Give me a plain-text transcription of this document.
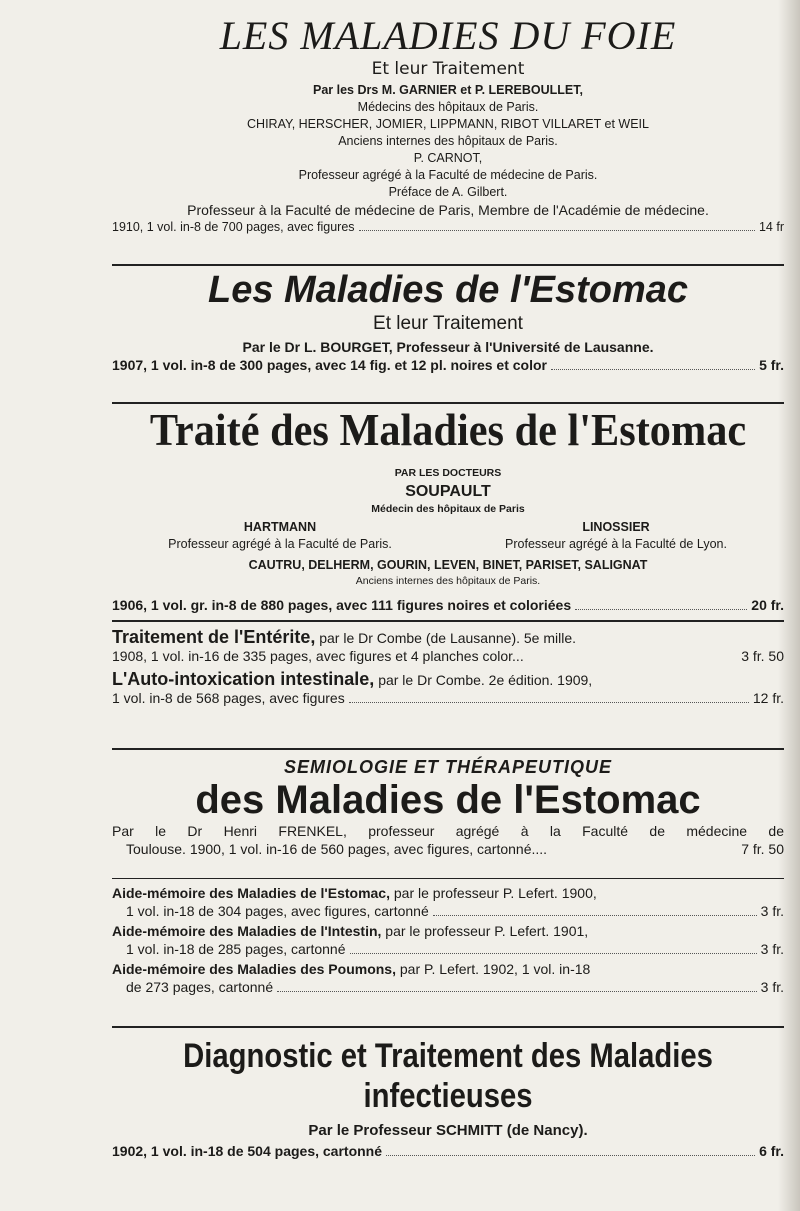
LES MALADIES DU FOIE
Et leur Traitement
Par les Drs M. GARNIER et P. LEREBOULLET,
Médecins des hôpitaux de Paris.
CHIRAY, HERSCHER, JOMIER, LIPPMANN, RIBOT VILLARET et WEIL
Anciens internes des hôpitaux de Paris.
P. CARNOT,
Professeur agrégé à la Faculté de médecine de Paris.
Préface de A. Gilbert.
Professeur à la Faculté de médecine de Paris, Membre de l'Académie de médecine.
1910, 1 vol. in-8 de 700 pages, avec figures	14 fr
Les Maladies de l'Estomac
Et leur Traitement
Par le Dr L. BOURGET, Professeur à l'Université de Lausanne.
1907, 1 vol. in-8 de 300 pages, avec 14 fig. et 12 pl. noires et color	5 fr.
Traité des Maladies de l'Estomac
PAR LES DOCTEURS
SOUPAULT
Médecin des hôpitaux de Paris
HARTMANN
Professeur agrégé à la Faculté de Paris.
LINOSSIER
Professeur agrégé à la Faculté de Lyon.
CAUTRU, DELHERM, GOURIN, LEVEN, BINET, PARISET, SALIGNAT
Anciens internes des hôpitaux de Paris.
1906, 1 vol. gr. in-8 de 880 pages, avec 111 figures noires et coloriées	20 fr.
Traitement de l'Entérite, par le Dr Combe (de Lausanne). 5e mille.
1908, 1 vol. in-16 de 335 pages, avec figures et 4 planches color...	3 fr. 50
L'Auto-intoxication intestinale, par le Dr Combe. 2e édition. 1909,
1 vol. in-8 de 568 pages, avec figures	12 fr.
SEMIOLOGIE ET THÉRAPEUTIQUE
des Maladies de l'Estomac
Par le Dr Henri FRENKEL, professeur agrégé à la Faculté de médecine de
Toulouse. 1900, 1 vol. in-16 de 560 pages, avec figures, cartonné....	7 fr. 50
Aide-mémoire des Maladies de l'Estomac, par le professeur P. Lefert. 1900,
1 vol. in-18 de 304 pages, avec figures, cartonné	3 fr.
Aide-mémoire des Maladies de l'Intestin, par le professeur P. Lefert. 1901,
1 vol. in-18 de 285 pages, cartonné	3 fr.
Aide-mémoire des Maladies des Poumons, par P. Lefert. 1902, 1 vol. in-18
de 273 pages, cartonné	3 fr.
Diagnostic et Traitement des Maladies infectieuses
Par le Professeur SCHMITT (de Nancy).
1902, 1 vol. in-18 de 504 pages, cartonné	6 fr.
